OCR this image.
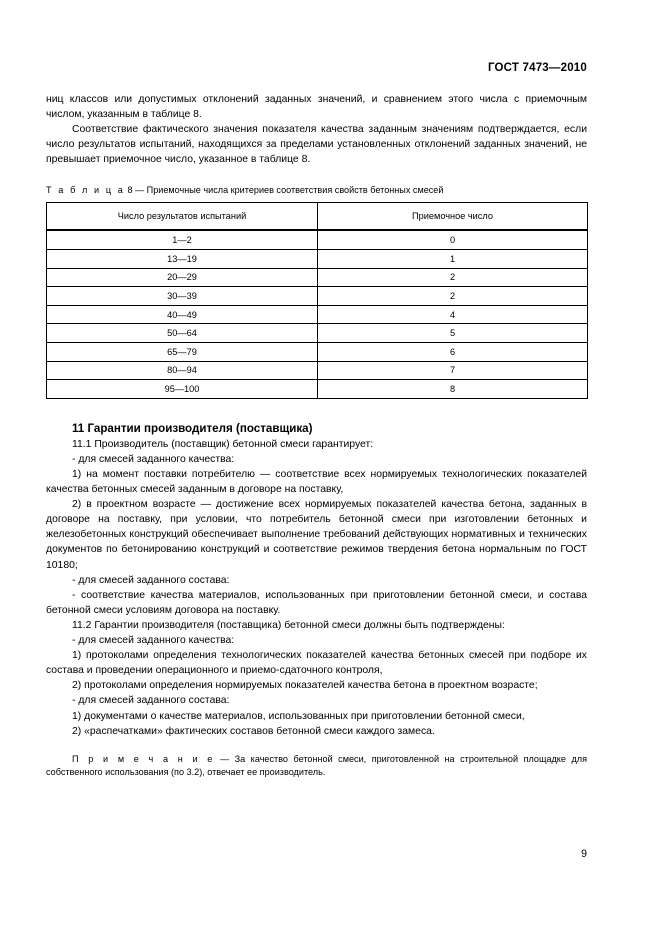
ГОСТ 7473—2010

ниц классов или допустимых отклонений заданных значений, и сравнением этого числа с приемочным числом, указанным в таблице 8.

Соответствие фактического значения показателя качества заданным значениям подтверждается, если число результатов испытаний, находящихся за пределами установленных отклонений заданных значений, не превышает приемочное число, указанное в таблице 8.

Т а б л и ц а 8 — Приемочные числа критериев соответствия свойств бетонных смесей
Число результатов испытаний	Приемочное число
1—2	0
13—19	1
20—29	2
30—39	2
40—49	4
50—64	5
65—79	6
80—94	7
95—100	8
11 Гарантии производителя (поставщика)

11.1 Производитель (поставщик) бетонной смеси гарантирует:

- для смесей заданного качества:

1) на момент поставки потребителю — соответствие всех нормируемых технологических показателей качества бетонных смесей заданным в договоре на поставку,

2) в проектном возрасте — достижение всех нормируемых показателей качества бетона, заданных в договоре на поставку, при условии, что потребитель бетонной смеси при изготовлении бетонных и железобетонных конструкций обеспечивает выполнение требований действующих нормативных и технических документов по бетонированию конструкций и соответствие режимов твердения бетона нормальным по ГОСТ 10180;

- для смесей заданного состава:

- соответствие качества материалов, использованных при приготовлении бетонной смеси, и состава бетонной смеси условиям договора на поставку.

11.2 Гарантии производителя (поставщика) бетонной смеси должны быть подтверждены:

- для смесей заданного качества:

1) протоколами определения технологических показателей качества бетонных смесей при подборе их состава и проведении операционного и приемо-сдаточного контроля,

2) протоколами определения нормируемых показателей качества бетона в проектном возрасте;

- для смесей заданного состава:

1) документами о качестве материалов, использованных при приготовлении бетонной смеси,

2) «распечатками» фактических составов бетонной смеси каждого замеса.

П р и м е ч а н и е — За качество бетонной смеси, приготовленной на строительной площадке для собственного использования (по 3.2), отвечает ее производитель.
9
